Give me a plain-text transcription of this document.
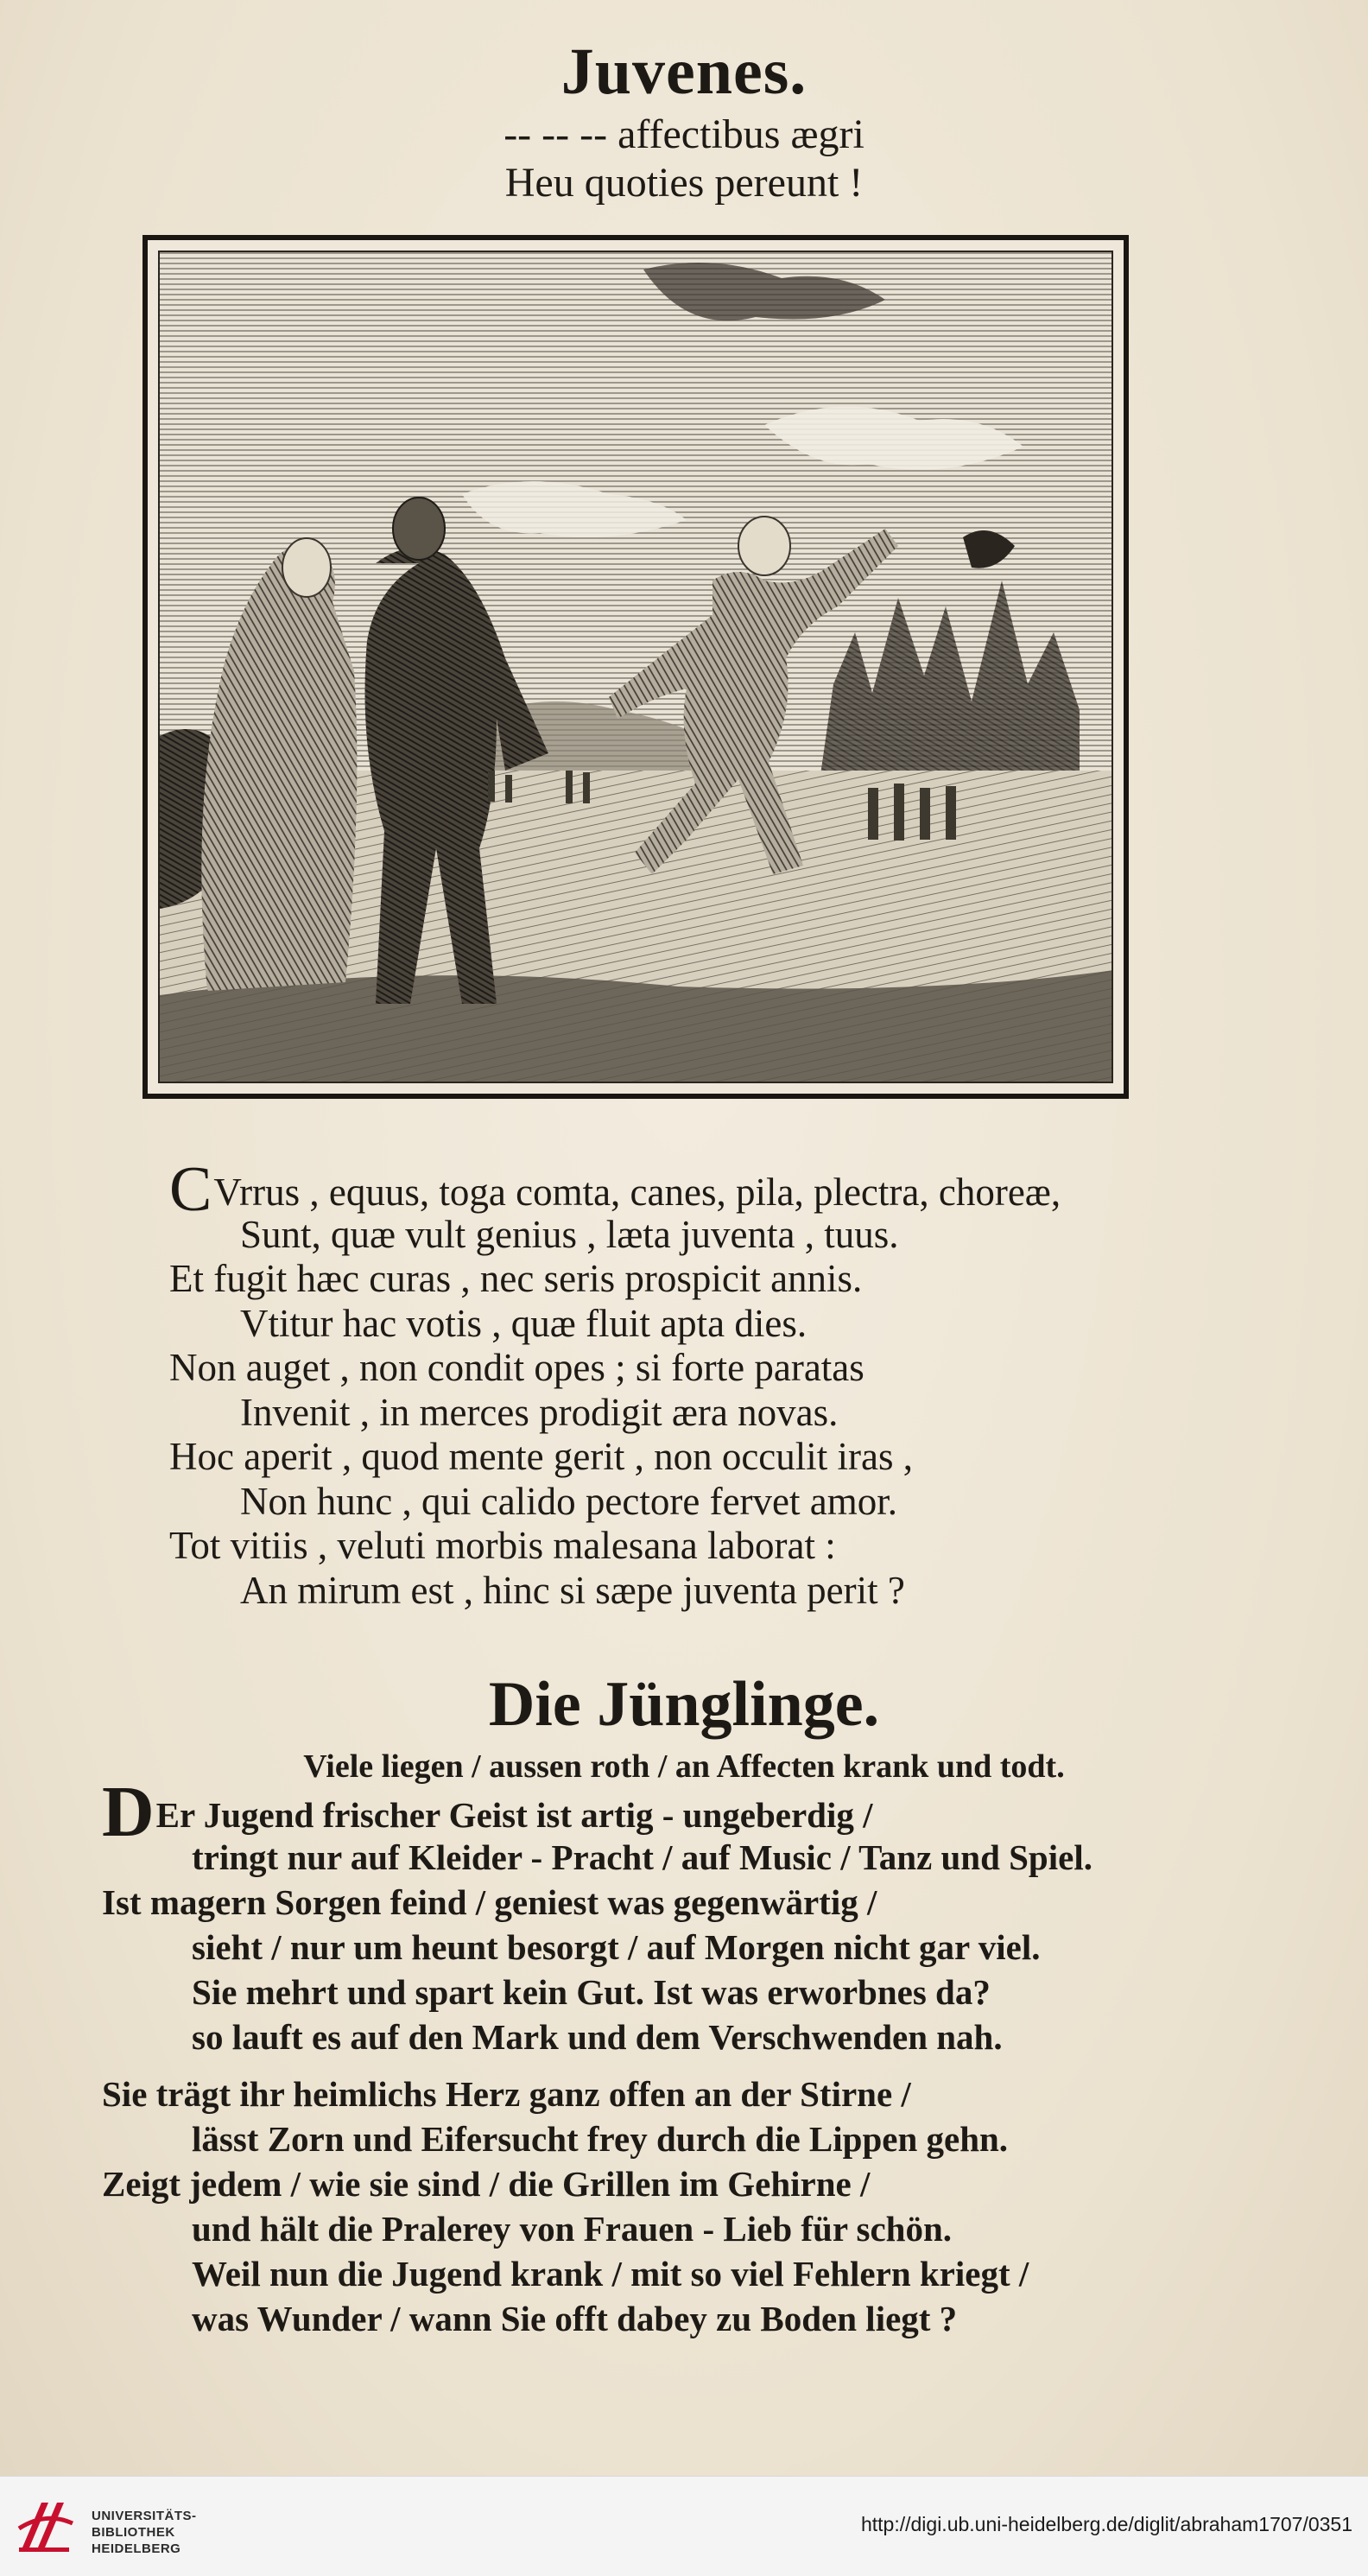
Juvenes.
-- -- -- affectibus ægri
Heu quoties pereunt !
CVrrus , equus, toga comta, canes, pila, plectra, choreæ,
Sunt, quæ vult genius , læta juventa , tuus.
Et fugit hæc curas , nec seris prospicit annis.
Vtitur hac votis , quæ fluit apta dies.
Non auget , non condit opes ; si forte paratas
Invenit , in merces prodigit æra novas.
Hoc aperit , quod mente gerit , non occulit iras ,
Non hunc , qui calido pectore fervet amor.
Tot vitiis , veluti morbis malesana laborat :
An mirum est , hinc si sæpe juventa perit ?
Die Jünglinge.
Viele liegen / aussen roth / an Affecten krank und todt.
DEr Jugend frischer Geist ist artig - ungeberdig /
tringt nur auf Kleider - Pracht / auf Music / Tanz und Spiel.
Ist magern Sorgen feind / geniest was gegenwärtig /
sieht / nur um heunt besorgt / auf Morgen nicht gar viel.
Sie mehrt und spart kein Gut. Ist was erworbnes da?
so lauft es auf den Mark und dem Verschwenden nah.
Sie trägt ihr heimlichs Herz ganz offen an der Stirne /
lässt Zorn und Eifersucht frey durch die Lippen gehn.
Zeigt jedem / wie sie sind / die Grillen im Gehirne /
und hält die Pralerey von Frauen - Lieb für schön.
Weil nun die Jugend krank / mit so viel Fehlern kriegt /
was Wunder / wann Sie offt dabey zu Boden liegt ?
UNIVERSITÄTS-
BIBLIOTHEK
HEIDELBERG
http://digi.ub.uni-heidelberg.de/diglit/abraham1707/0351
